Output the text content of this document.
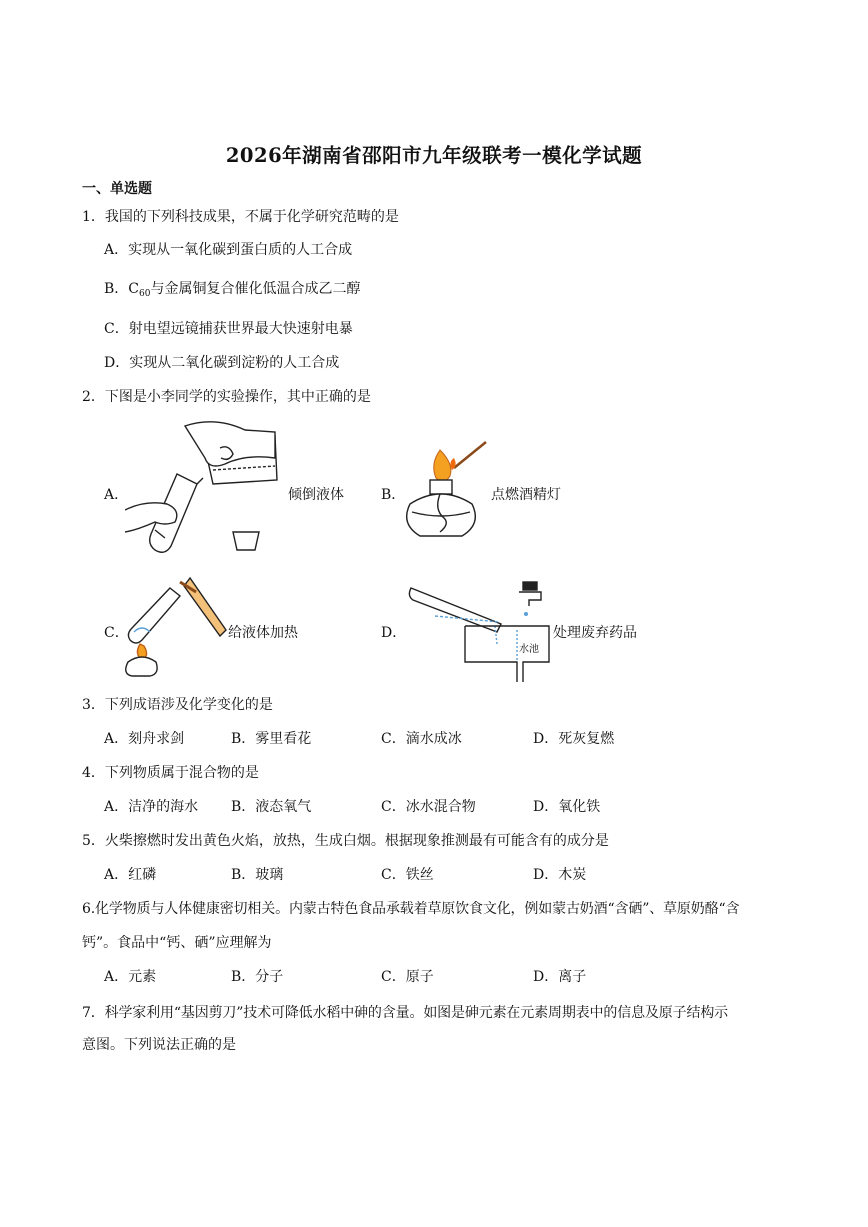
2026年湖南省邵阳市九年级联考一模化学试题
一、单选题
1．我国的下列科技成果，不属于化学研究范畴的是
A．实现从一氧化碳到蛋白质的人工合成
B．$C_{60}$与金属铜复合催化低温合成乙二醇
C．射电望远镜捕获世界最大快速射电暴
D．实现从二氧化碳到淀粉的人工合成
2．下图是小李同学的实验操作，其中正确的是
A．	倾倒液体	B．	点燃酒精灯
C．	给液体加热	D．
水池
处理废弃药品
3．下列成语涉及化学变化的是
A．刻舟求剑	B．雾里看花	C．滴水成冰	D．死灰复燃
4．下列物质属于混合物的是
A．洁净的海水 B．液态氧气	C．冰水混合物	D．氧化铁
5．火柴擦燃时发出黄色火焰，放热，生成白烟。根据现象推测最有可能含有的成分是
A．红磷	B．玻璃	C．铁丝	D．木炭
6.化学物质与人体健康密切相关。内蒙古特色食品承载着草原饮食文化，例如蒙古奶酒“含硒”、草原奶酪“含
钙”。食品中“钙、硒”应理解为
A．元素	B．分子	C．原子	D．离子
7．科学家利用“基因剪刀”技术可降低水稻中砷的含量。如图是砷元素在元素周期表中的信息及原子结构示
意图。下列说法正确的是
